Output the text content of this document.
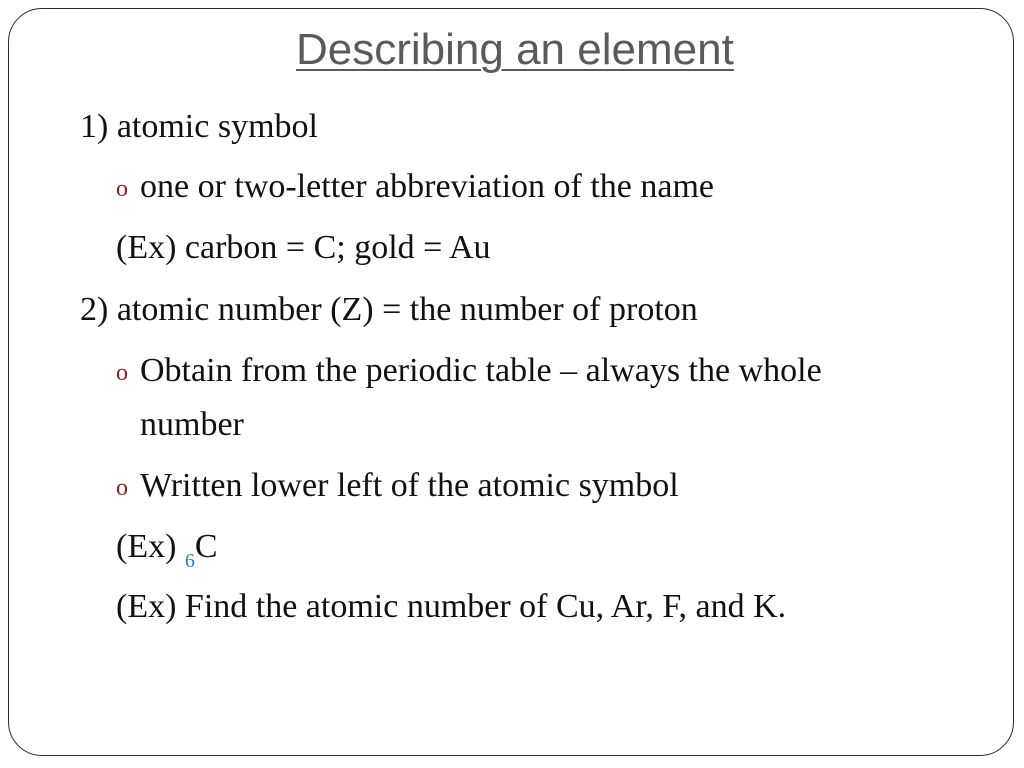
Describing an element
1) atomic symbol
o one or two-letter abbreviation of the name
(Ex) carbon = C; gold = Au
2) atomic number (Z) = the number of proton
o Obtain from the periodic table – always the whole
number
o Written lower left of the atomic symbol
(Ex) $_6$C
(Ex) Find the atomic number of Cu, Ar, F, and K.
